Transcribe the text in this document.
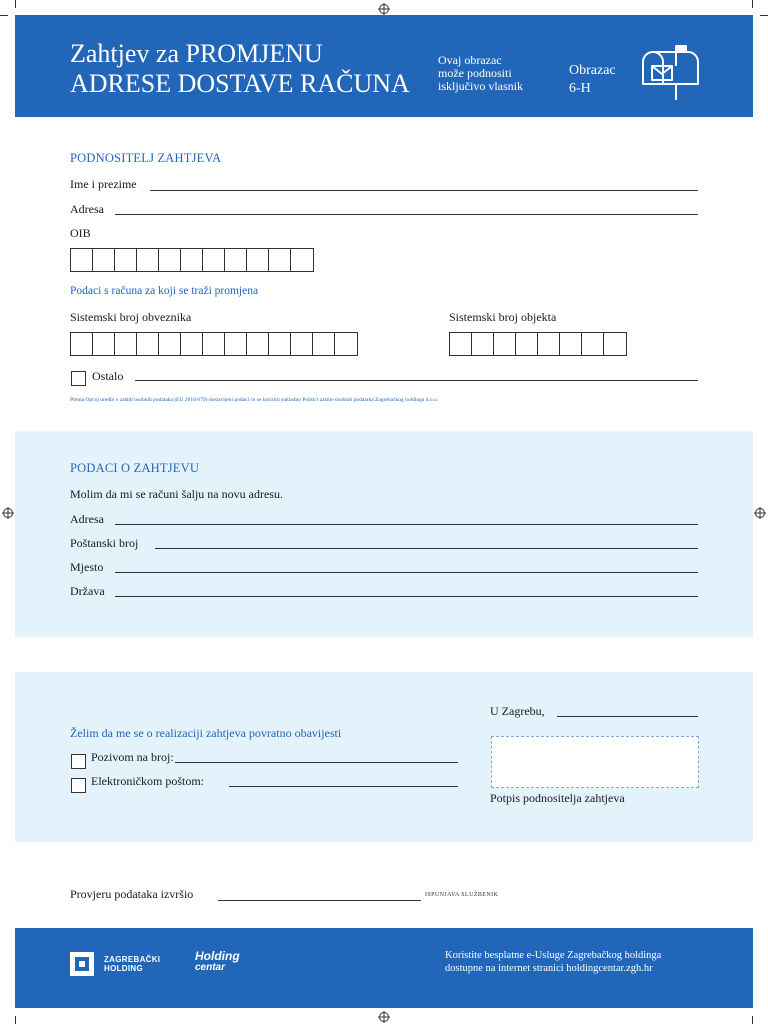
Zahtjev za PROMJENU
ADRESE DOSTAVE RAČUNA
Ovaj obrazac
može podnositi
isključivo vlasnik
Obrazac
6-H
PODNOSITELJ ZAHTJEVA
Ime i prezime
Adresa
OIB
Podaci s računa za koji se traži promjena
Sistemski broj obveznika	Sistemski broj objekta
Ostalo
Prema Općoj uredbi o zaštiti osobnih podataka (EU 2016/679) dostavljeni podaci će se koristiti sukladno Politici zaštite osobnih podataka Zagrebačkog holdinga d.o.o.
PODACI O ZAHTJEVU
Molim da mi se računi šalju na novu adresu.
Adresa
Poštanski broj
Mjesto
Država
U Zagrebu,
Želim da me se o realizaciji zahtjeva povratno obavijesti
Pozivom na broj:
Elektroničkom poštom:
Potpis podnositelja zahtjeva
Provjeru podataka izvršio	ISPUNJAVA SLUŽBENIK
ZAGREBAČKI
HOLDING
Holding
centar
Koristite besplatne e-Usluge Zagrebačkog holdinga
dostupne na internet stranici holdingcentar.zgh.hr
